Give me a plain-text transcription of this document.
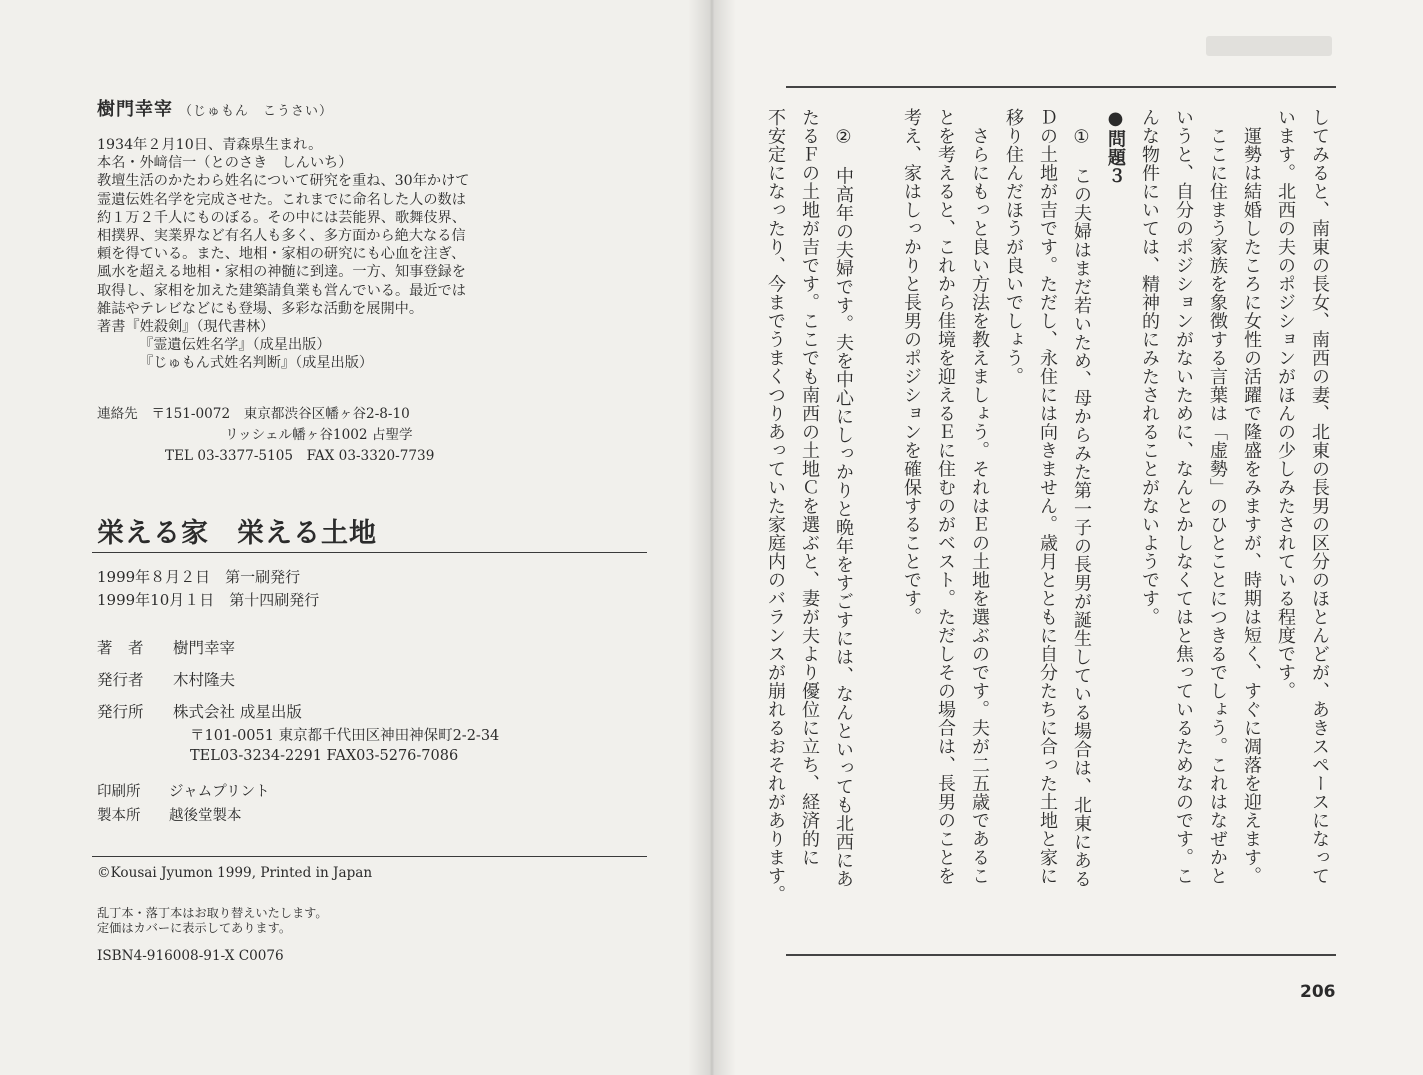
樹門幸宰 （じゅもん　こうさい）
1934年２月10日、青森県生まれ。
本名・外﨑信一（とのさき　しんいち）
教壇生活のかたわら姓名について研究を重ね、30年かけて
霊遺伝姓名学を完成させた。これまでに命名した人の数は
約１万２千人にものぼる。その中には芸能界、歌舞伎界、
相撲界、実業界など有名人も多く、多方面から絶大なる信
頼を得ている。また、地相・家相の研究にも心血を注ぎ、
風水を超える地相・家相の神髄に到達。一方、知事登録を
取得し、家相を加えた建築請負業も営んでいる。最近では
雑誌やテレビなどにも登場、多彩な活動を展開中。
著書『姓殺剣』（現代書林）
『霊遺伝姓名学』（成星出版）
『じゅもん式姓名判断』（成星出版）
連絡先　〒151-0072　東京都渋谷区幡ヶ谷2-8-10
リッシェル幡ヶ谷1002 占聖学
TEL 03-3377-5105　FAX 03-3320-7739
栄える家　栄える土地
1999年８月２日　第一刷発行
1999年10月１日　第十四刷発行
著　者	樹門幸宰
発行者	木村隆夫
発行所	株式会社 成星出版
〒101-0051 東京都千代田区神田神保町2-2-34
TEL03-3234-2291 FAX03-5276-7086
印刷所 ジャムプリント
製本所 越後堂製本
©Kousai Jyumon 1999, Printed in Japan
乱丁本・落丁本はお取り替えいたします。
定価はカバーに表示してあります。
ISBN4-916008-91-X C0076
してみると、南東の長女、南西の妻、北東の長男の区分のほとんどが、あきスペースになって
います。北西の夫のポジションがほんの少しみたされている程度です。
　運勢は結婚したころに女性の活躍で隆盛をみますが、時期は短く、すぐに凋落を迎えます。
　ここに住まう家族を象徴する言葉は「虚勢」のひとことにつきるでしょう。これはなぜかと
いうと、自分のポジションがないために、なんとかしなくてはと焦っているためなのです。こ
んな物件にいては、精神的にみたされることがないようです。
●問題３
　①　この夫婦はまだ若いため、母からみた第一子の長男が誕生している場合は、北東にある
Ｄの土地が吉です。ただし、永住には向きません。歳月とともに自分たちに合った土地と家に
移り住んだほうが良いでしょう。
　さらにもっと良い方法を教えましょう。それはＥの土地を選ぶのです。夫が二五歳であるこ
とを考えると、これから佳境を迎えるＥに住むのがベスト。ただしその場合は、長男のことを
考え、家はしっかりと長男のポジションを確保することです。

　②　中高年の夫婦です。夫を中心にしっかりと晩年をすごすには、なんといっても北西にあ
たるＦの土地が吉です。ここでも南西の土地Ｃを選ぶと、妻が夫より優位に立ち、経済的に
不安定になったり、今までうまくつりあっていた家庭内のバランスが崩れるおそれがあります。
206
